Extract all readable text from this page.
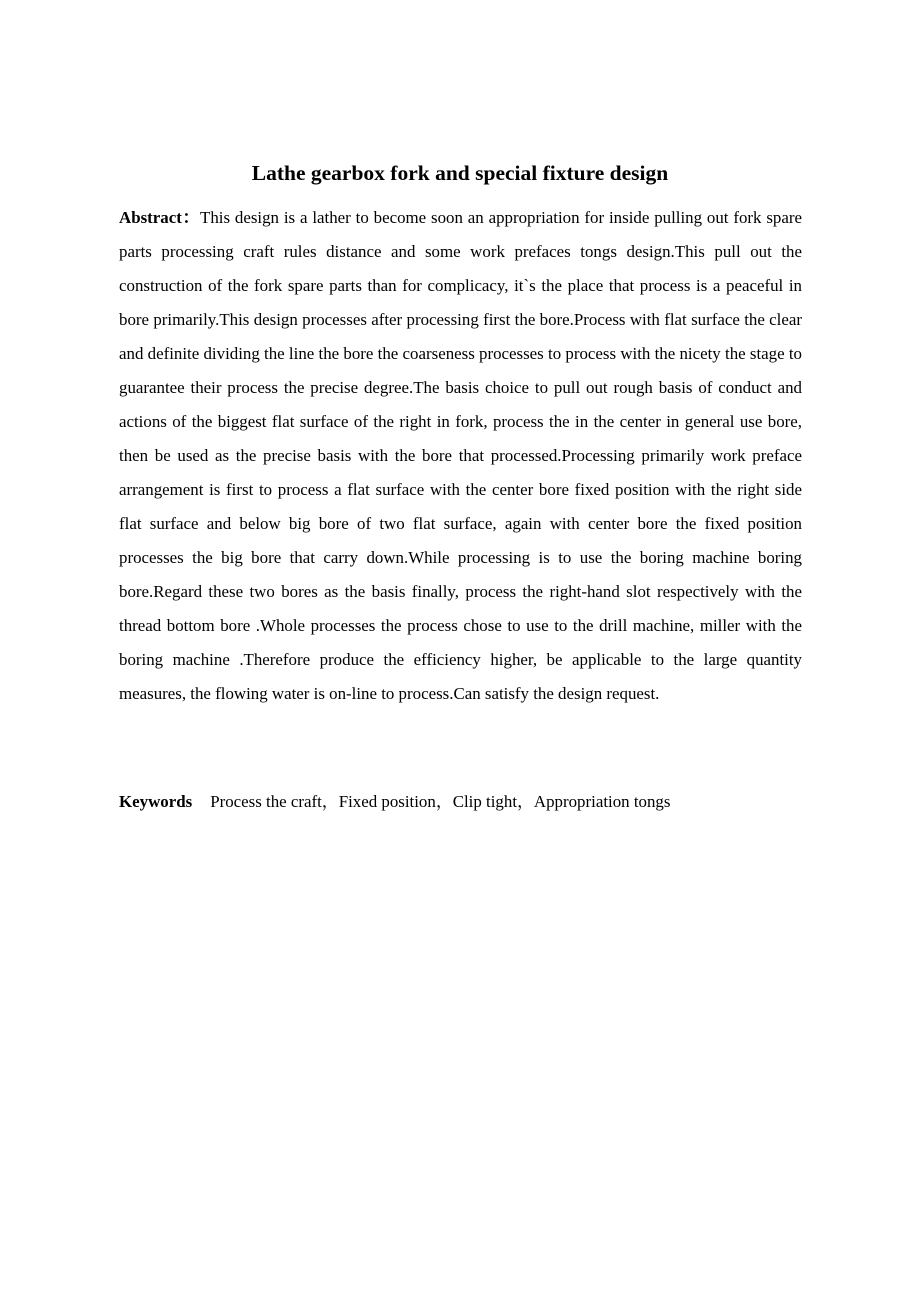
Lathe gearbox fork and special fixture design

Abstract：This design is a lather to become soon an appropriation for inside pulling out fork spare parts processing craft rules distance and some work prefaces tongs design.This pull out the construction of the fork spare parts than for complicacy, it`s the place that process is a peaceful in bore primarily.This design processes after processing first the bore.Process with flat surface the clear and definite dividing the line the bore the coarseness processes to process with the nicety the stage to guarantee their process the precise degree.The basis choice to pull out rough basis of conduct and actions of the biggest flat surface of the right in fork, process the in the center in general use bore, then be used as the precise basis with the bore that processed.Processing primarily work preface arrangement is first to process a flat surface with the center bore fixed position with the right side flat surface and below big bore of two flat surface, again with center bore the fixed position processes the big bore that carry down.While processing is to use the boring machine boring bore.Regard these two bores as the basis finally, process the right-hand slot respectively with the thread bottom bore .Whole processes the process chose to use to the drill machine, miller with the boring machine .Therefore produce the efficiency higher, be applicable to the large quantity measures, the flowing water is on-line to process.Can satisfy the design request.

Keywords Process the craft，Fixed position，Clip tight，Appropriation tongs
